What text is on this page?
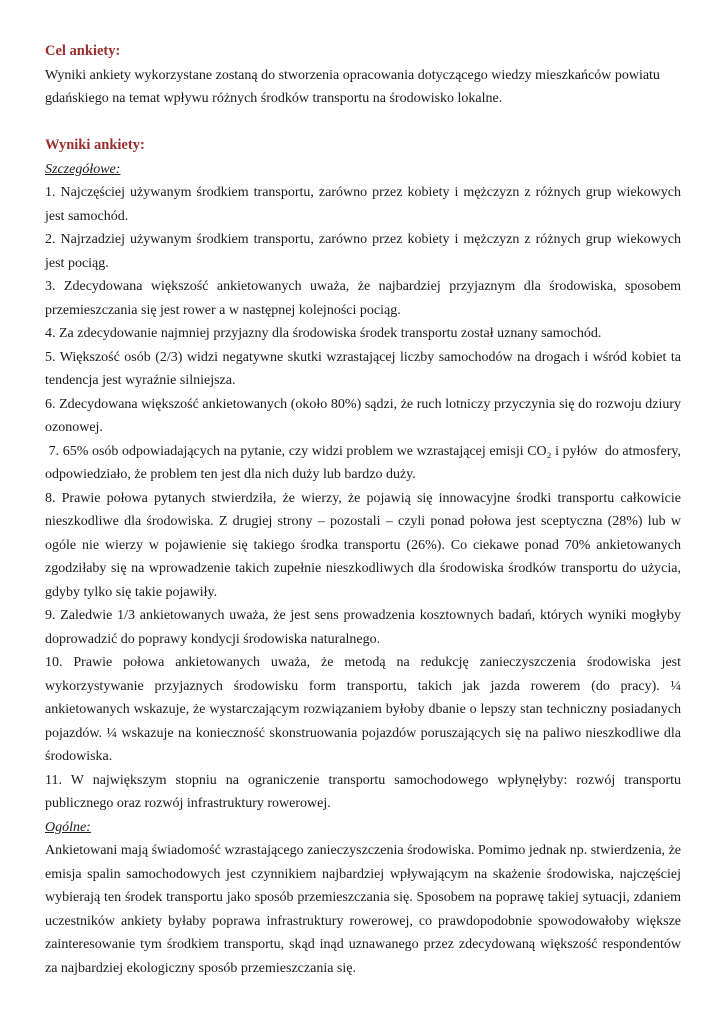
Cel ankiety:

Wyniki ankiety wykorzystane zostaną do stworzenia opracowania dotyczącego wiedzy mieszkańców powiatu gdańskiego na temat wpływu różnych środków transportu na środowisko lokalne.

Wyniki ankiety:

Szczegółowe:

1. Najczęściej używanym środkiem transportu, zarówno przez kobiety i mężczyzn z różnych grup wiekowych jest samochód.

2. Najrzadziej używanym środkiem transportu, zarówno przez kobiety i mężczyzn z różnych grup wiekowych jest pociąg.

3. Zdecydowana większość ankietowanych uważa, że najbardziej przyjaznym dla środowiska, sposobem przemieszczania się jest rower a w następnej kolejności pociąg.

4. Za zdecydowanie najmniej przyjazny dla środowiska środek transportu został uznany samochód.

5. Większość osób (2/3) widzi negatywne skutki wzrastającej liczby samochodów na drogach i wśród kobiet ta tendencja jest wyraźnie silniejsza.

6. Zdecydowana większość ankietowanych (około 80%) sądzi, że ruch lotniczy przyczynia się do rozwoju dziury ozonowej.

7. 65% osób odpowiadających na pytanie, czy widzi problem we wzrastającej emisji CO₂ i pyłów  do atmosfery, odpowiedziało, że problem ten jest dla nich duży lub bardzo duży.

8. Prawie połowa pytanych stwierdziła, że wierzy, że pojawią się innowacyjne środki transportu całkowicie nieszkodliwe dla środowiska. Z drugiej strony – pozostali – czyli ponad połowa jest sceptyczna (28%) lub w ogóle nie wierzy w pojawienie się takiego środka transportu (26%). Co ciekawe ponad 70% ankietowanych zgodziłaby się na wprowadzenie takich zupełnie nieszkodliwych dla środowiska środków transportu do użycia, gdyby tylko się takie pojawiły.

9. Zaledwie 1/3 ankietowanych uważa, że jest sens prowadzenia kosztownych badań, których wyniki mogłyby doprowadzić do poprawy kondycji środowiska naturalnego.

10. Prawie połowa ankietowanych uważa, że metodą na redukcję zanieczyszczenia środowiska jest wykorzystywanie przyjaznych środowisku form transportu, takich jak jazda rowerem (do pracy). ¼ ankietowanych wskazuje, że wystarczającym rozwiązaniem byłoby dbanie o lepszy stan techniczny posiadanych pojazdów. ¼ wskazuje na konieczność skonstruowania pojazdów poruszających się na paliwo nieszkodliwe dla środowiska.

11. W największym stopniu na ograniczenie transportu samochodowego wpłynęłyby: rozwój transportu publicznego oraz rozwój infrastruktury rowerowej.

Ogólne:

Ankietowani mają świadomość wzrastającego zanieczyszczenia środowiska. Pomimo jednak np. stwierdzenia, że emisja spalin samochodowych jest czynnikiem najbardziej wpływającym na skażenie środowiska, najczęściej wybierają ten środek transportu jako sposób przemieszczania się. Sposobem na poprawę takiej sytuacji, zdaniem uczestników ankiety byłaby poprawa infrastruktury rowerowej, co prawdopodobnie spowodowałoby większe zainteresowanie tym środkiem transportu, skąd inąd uznawanego przez zdecydowaną większość respondentów za najbardziej ekologiczny sposób przemieszczania się.
